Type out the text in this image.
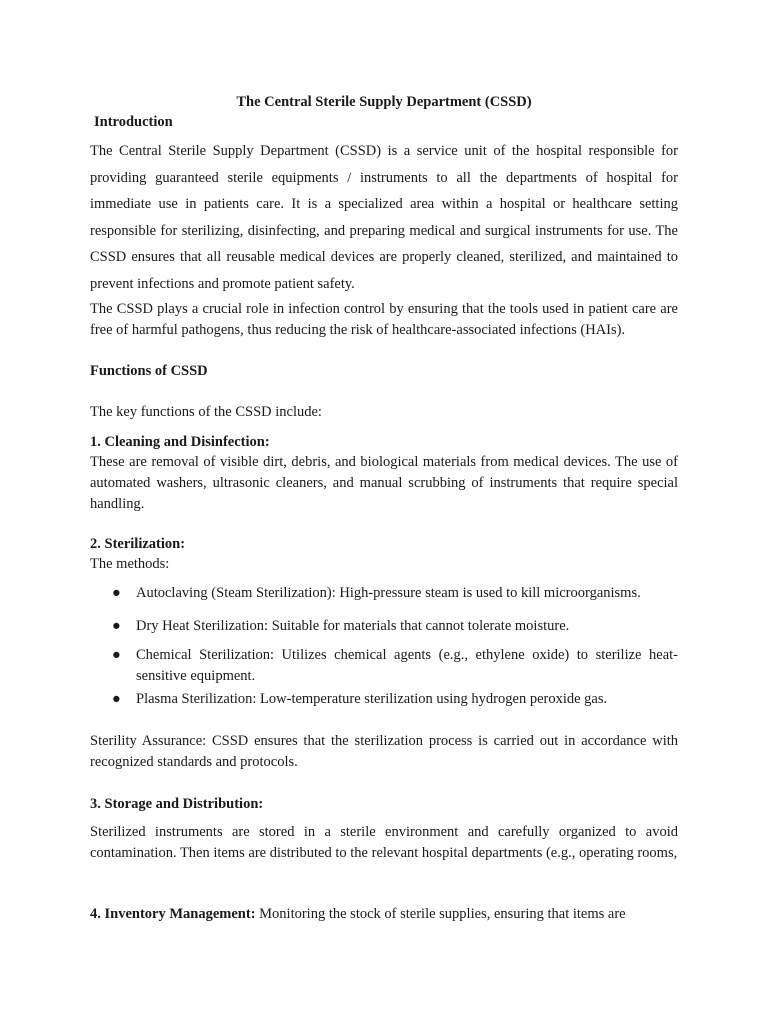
The Central Sterile Supply Department (CSSD)
Introduction

The Central Sterile Supply Department (CSSD) is a service unit of the hospital responsible for providing guaranteed sterile equipments / instruments to all the departments of hospital for immediate use in patients care. It is a specialized area within a hospital or healthcare setting responsible for sterilizing, disinfecting, and preparing medical and surgical instruments for use. The CSSD ensures that all reusable medical devices are properly cleaned, sterilized, and maintained to prevent infections and promote patient safety.

The CSSD plays a crucial role in infection control by ensuring that the tools used in patient care are free of harmful pathogens, thus reducing the risk of healthcare-associated infections (HAIs).

Functions of CSSD

The key functions of the CSSD include:

1. Cleaning and Disinfection:

These are removal of visible dirt, debris, and biological materials from medical devices. The use of automated washers, ultrasonic cleaners, and manual scrubbing of instruments that require special handling.

2. Sterilization:

The methods:

● Autoclaving (Steam Sterilization): High-pressure steam is used to kill microorganisms.
● Dry Heat Sterilization: Suitable for materials that cannot tolerate moisture.
● Chemical Sterilization: Utilizes chemical agents (e.g., ethylene oxide) to sterilize heat-sensitive equipment.
● Plasma Sterilization: Low-temperature sterilization using hydrogen peroxide gas.

Sterility Assurance: CSSD ensures that the sterilization process is carried out in accordance with recognized standards and protocols.

3. Storage and Distribution:

Sterilized instruments are stored in a sterile environment and carefully organized to avoid contamination. Then items are distributed to the relevant hospital departments (e.g., operating rooms,

4. Inventory Management: Monitoring the stock of sterile supplies, ensuring that items are
